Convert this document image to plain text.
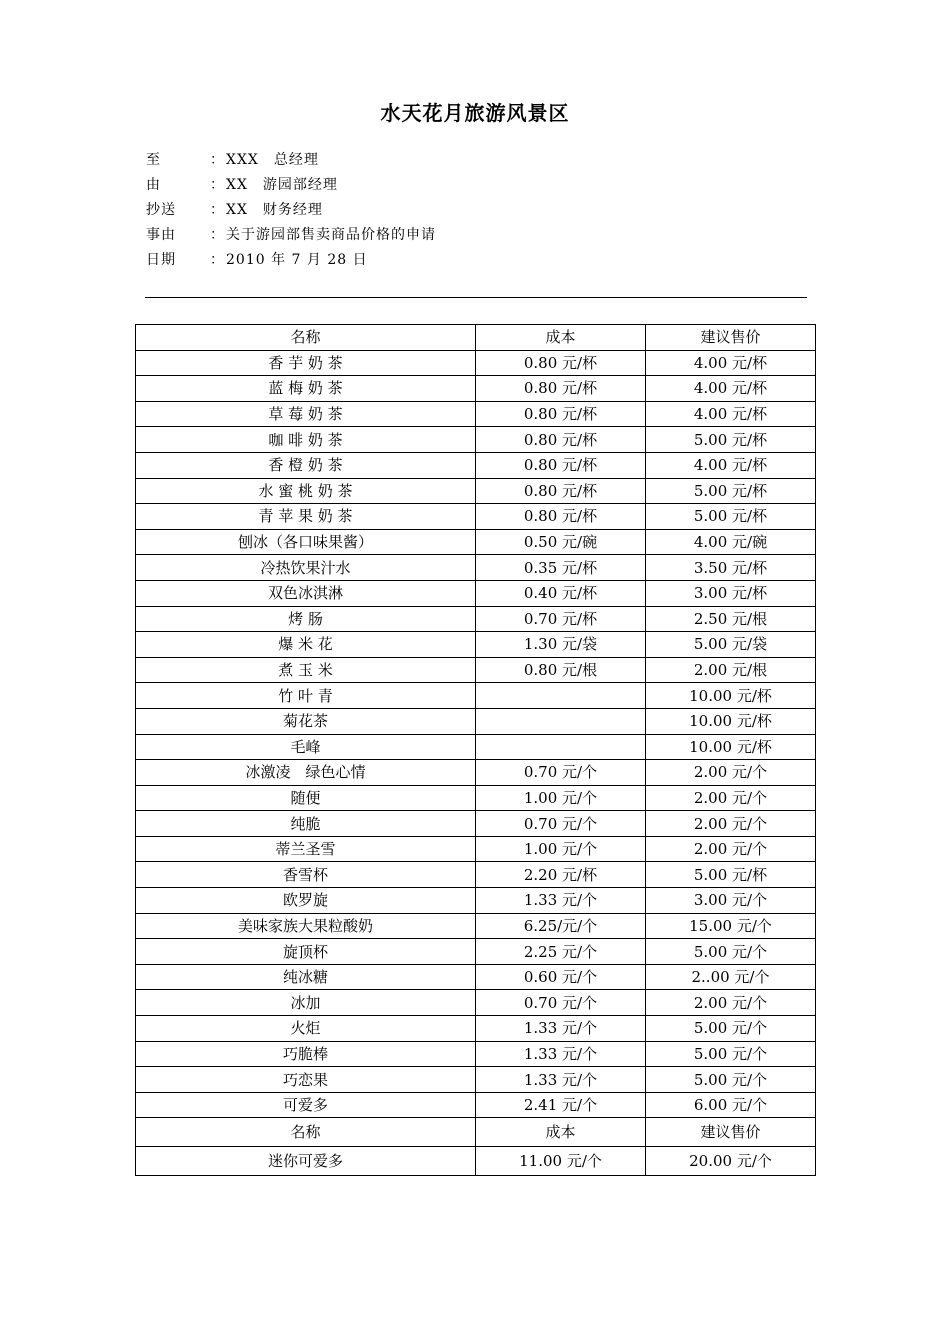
水天花月旅游风景区
至	： XXX　总经理
由	： XX　游园部经理
抄送	： XX　财务经理
事由	： 关于游园部售卖商品价格的申请
日期	： 2010 年 7 月 28 日
名称	成本	建议售价
香 芋 奶 茶	0.80 元/杯	4.00 元/杯
蓝 梅 奶 茶	0.80 元/杯	4.00 元/杯
草 莓 奶 茶	0.80 元/杯	4.00 元/杯
咖 啡 奶 茶	0.80 元/杯	5.00 元/杯
香 橙 奶 茶	0.80 元/杯	4.00 元/杯
水 蜜 桃 奶 茶	0.80 元/杯	5.00 元/杯
青 苹 果 奶 茶	0.80 元/杯	5.00 元/杯
刨冰（各口味果酱）	0.50 元/碗	4.00 元/碗
冷热饮果汁水	0.35 元/杯	3.50 元/杯
双色冰淇淋	0.40 元/杯	3.00 元/杯
烤 肠	0.70 元/杯	2.50 元/根
爆 米 花	1.30 元/袋	5.00 元/袋
煮 玉 米	0.80 元/根	2.00 元/根
竹 叶 青		10.00 元/杯
菊花茶		10.00 元/杯
毛峰		10.00 元/杯
冰激凌　绿色心情	0.70 元/个	2.00 元/个
随便	1.00 元/个	2.00 元/个
纯脆	0.70 元/个	2.00 元/个
蒂兰圣雪	1.00 元/个	2.00 元/个
香雪杯	2.20 元/杯	5.00 元/杯
欧罗旋	1.33 元/个	3.00 元/个
美味家族大果粒酸奶	6.25/元/个	15.00 元/个
旋顶杯	2.25 元/个	5.00 元/个
纯冰糖	0.60 元/个	2..00 元/个
冰加	0.70 元/个	2.00 元/个
火炬	1.33 元/个	5.00 元/个
巧脆棒	1.33 元/个	5.00 元/个
巧恋果	1.33 元/个	5.00 元/个
可爱多	2.41 元/个	6.00 元/个
名称	成本	建议售价
迷你可爱多	11.00 元/个	20.00 元/个
